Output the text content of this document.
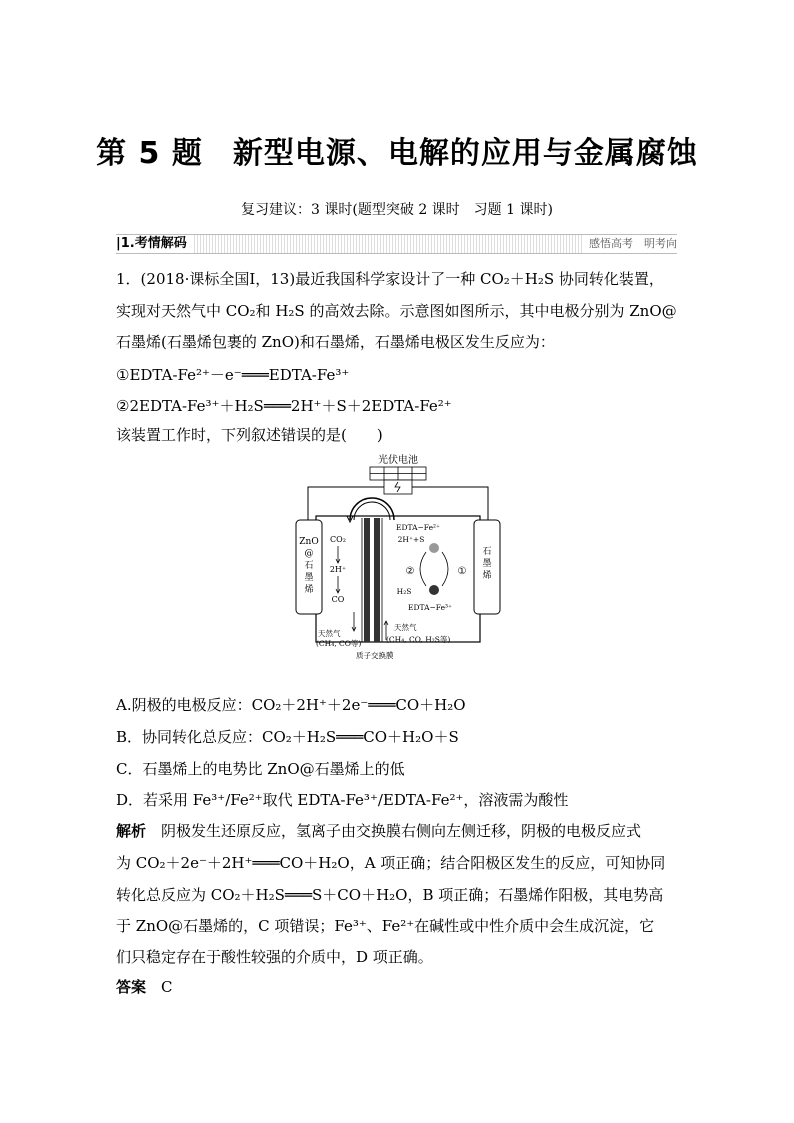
第 5 题 新型电源、电解的应用与金属腐蚀
复习建议：3 课时(题型突破 2 课时　习题 1 课时)
|1.考情解码	感悟高考　明考向
1．(2018·课标全国Ⅰ，13)最近我国科学家设计了一种 CO₂＋H₂S 协同转化装置，
实现对天然气中 CO₂和 H₂S 的高效去除。示意图如图所示，其中电极分别为 ZnO@
石墨烯(石墨烯包裹的 ZnO)和石墨烯，石墨烯电极区发生反应为：
①EDTA-Fe²⁺－e⁻═══EDTA-Fe³⁺
②2EDTA-Fe³⁺＋H₂S═══2H⁺＋S＋2EDTA-Fe²⁺
该装置工作时，下列叙述错误的是(　　)
光伏电池
ZnO
@
石
墨
烯
石
墨
烯
CO₂
2H⁺
CO
EDTA−Fe²⁺
2H⁺+S
H₂S
EDTA−Fe³⁺
②	①
天然气
(CH₄, CO等)
天然气
(CH₄, CO, H₂S等)
质子交换膜
A.阴极的电极反应：CO₂＋2H⁺＋2e⁻═══CO＋H₂O
B．协同转化总反应：CO₂＋H₂S═══CO＋H₂O＋S
C．石墨烯上的电势比 ZnO@石墨烯上的低
D．若采用 Fe³⁺/Fe²⁺取代 EDTA-Fe³⁺/EDTA-Fe²⁺，溶液需为酸性
解析　 阴极发生还原反应，氢离子由交换膜右侧向左侧迁移，阴极的电极反应式
为 CO₂＋2e⁻＋2H⁺═══CO＋H₂O，A 项正确；结合阳极区发生的反应，可知协同
转化总反应为 CO₂＋H₂S═══S＋CO＋H₂O，B 项正确；石墨烯作阳极，其电势高
于 ZnO@石墨烯的，C 项错误；Fe³⁺、Fe²⁺在碱性或中性介质中会生成沉淀，它
们只稳定存在于酸性较强的介质中，D 项正确。
答案　 C
